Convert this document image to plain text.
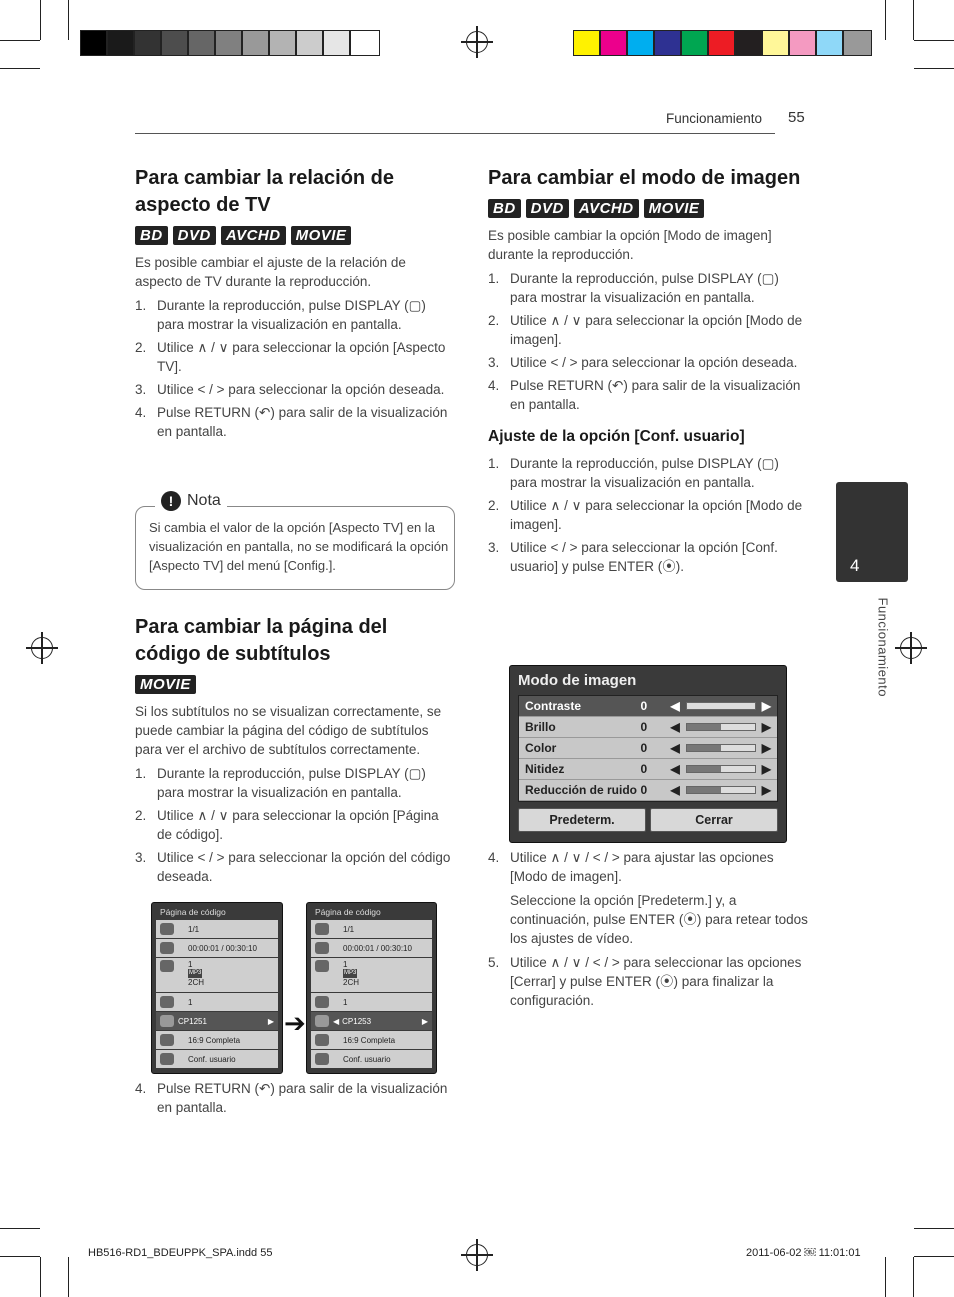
Funcionamiento 55
4
Funcionamiento
Para cambiar la relación de aspecto de TV
BD	DVD	AVCHD	MOVIE
Es posible cambiar el ajuste de la relación de aspecto de TV durante la reproducción.
1. Durante la reproducción, pulse DISPLAY (▢) para mostrar la visualización en pantalla.
2. Utilice ∧ / ∨ para seleccionar la opción [Aspecto TV].
3. Utilice < / > para seleccionar la opción deseada.
4. Pulse RETURN (↶) para salir de la visualización en pantalla.
Si cambia el valor de la opción [Aspecto TV] en la visualización en pantalla, no se modificará la opción [Aspecto TV] del menú [Config.].
! Nota
Para cambiar la página del código de subtítulos
MOVIE
Si los subtítulos no se visualizan correctamente, se puede cambiar la página del código de subtítulos para ver el archivo de subtítulos correctamente.
1. Durante la reproducción, pulse DISPLAY (▢) para mostrar la visualización en pantalla.
2. Utilice ∧ / ∨ para seleccionar la opción [Página de código].
3. Utilice < / > para seleccionar la opción del código deseada.
Página de código
1/1
00:00:01 / 00:30:10
1
MP3
2CH
1
CP1251	▶
16:9 Completa
Conf. usuario
➔
Página de código
1/1
00:00:01 / 00:30:10
1
MP3
2CH
1
◀ CP1253	▶
16:9 Completa
Conf. usuario
4. Pulse RETURN (↶) para salir de la visualización en pantalla.
Para cambiar el modo de imagen
BD	DVD	AVCHD	MOVIE
Es posible cambiar la opción [Modo de imagen] durante la reproducción.
1. Durante la reproducción, pulse DISPLAY (▢) para mostrar la visualización en pantalla.
2. Utilice ∧ / ∨ para seleccionar la opción [Modo de imagen].
3. Utilice < / > para seleccionar la opción deseada.
4. Pulse RETURN (↶) para salir de la visualización en pantalla.
Ajuste de la opción [Conf. usuario]
1. Durante la reproducción, pulse DISPLAY (▢) para mostrar la visualización en pantalla.
2. Utilice ∧ / ∨ para seleccionar la opción [Modo de imagen].
3. Utilice < / > para seleccionar la opción [Conf. usuario] y pulse ENTER (⦿).
Modo de imagen
Contraste	0	◀	▶
Brillo	0	◀	▶
Color	0	◀	▶
Nitidez	0	◀	▶
Reducción de ruido 0	◀	▶
Predeterm.	Cerrar
4. Utilice ∧ / ∨ / < / > para ajustar las opciones [Modo de imagen].
Seleccione la opción [Predeterm.] y, a continuación, pulse ENTER (⦿) para retear todos los ajustes de vídeo.
5. Utilice ∧ / ∨ / < / > para seleccionar las opciones [Cerrar] y pulse ENTER (⦿) para finalizar la configuración.
HB516-RD1_BDEUPPK_SPA.indd 55	2011-06-02 ￼ 11:01:01
